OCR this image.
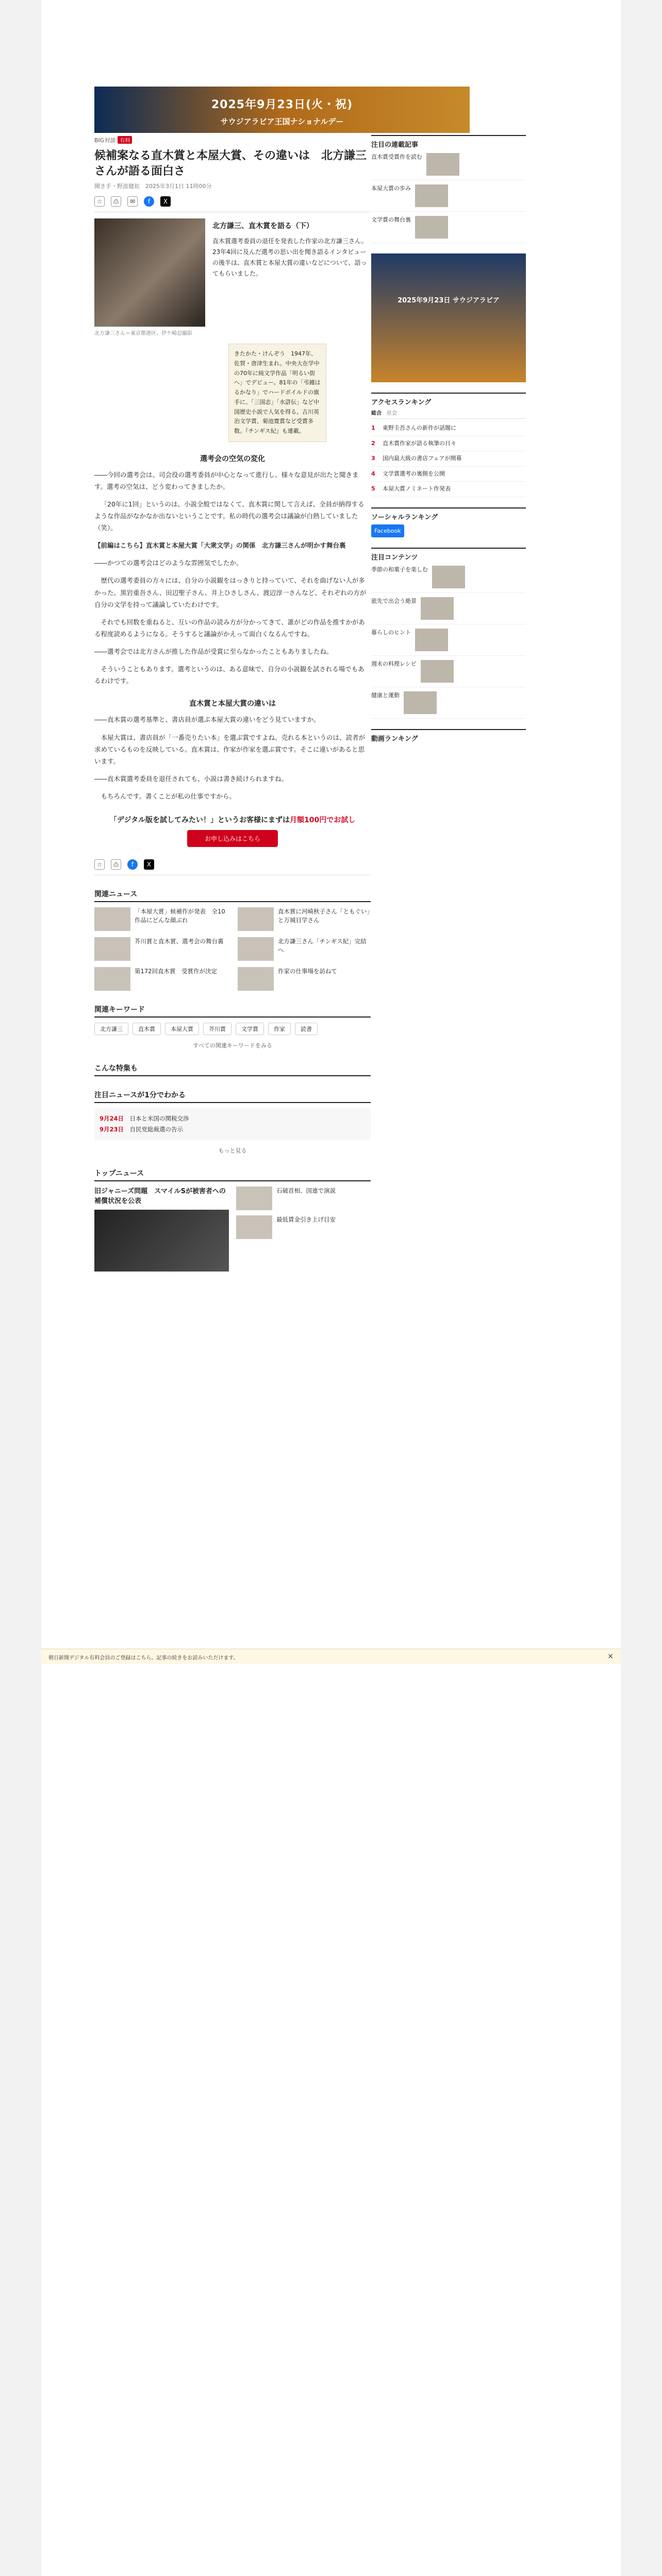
2025年9月23日(火・祝)
サウジアラビア王国ナショナルデー
BIG対談 有料
候補案なる直木賞と本屋大賞、その違いは　北方謙三さんが語る面白さ
聞き手・野波健祐　2025年3月1日 11時00分
☆	⎙	✉	f	X
北方謙三さん＝東京都港区、伊ケ崎忍撮影
北方謙三、直木賞を語る（下）

直木賞選考委員の退任を発表した作家の北方謙三さん。23年4回に及んだ選考の思い出を聞き語るインタビューの後半は、直木賞と本屋大賞の違いなどについて、語ってもらいました。

きたかた・けんぞう　1947年、佐賀・唐津生まれ。中央大在学中の70年に純文学作品「明るい街へ」でデビュー。81年の「弔鐘はるかなり」でハードボイルドの旗手に。「三国志」「水滸伝」など中国歴史小説で人気を得る。吉川英治文学賞、菊池寛賞など受賞多数。『チンギス紀』も連載。
選考会の空気の変化

――今回の選考会は、司会役の選考委員が中心となって進行し、様々な意見が出たと聞きます。選考の空気は、どう変わってきましたか。

「20年に1回」というのは、小説全般ではなくて、直木賞に関して言えば、全員が納得するような作品がなかなか出ないということです。私の時代の選考会は議論が白熱していました（笑）。

【前編はこちら】直木賞と本屋大賞「大衆文学」の関係　北方謙三さんが明かす舞台裏

――かつての選考会はどのような雰囲気でしたか。

歴代の選考委員の方々には、自分の小説観をはっきりと持っていて、それを曲げない人が多かった。黒岩重吾さん、田辺聖子さん、井上ひさしさん、渡辺淳一さんなど、それぞれの方が自分の文学を持って議論していたわけです。

それでも回数を重ねると、互いの作品の読み方が分かってきて、誰がどの作品を推すかがある程度読めるようになる。そうすると議論がかえって面白くなるんですね。

――選考会では北方さんが推した作品が受賞に至らなかったこともありましたね。

そういうこともあります。選考というのは、ある意味で、自分の小説観を試される場でもあるわけです。

直木賞と本屋大賞の違いは

――直木賞の選考基準と、書店員が選ぶ本屋大賞の違いをどう見ていますか。

本屋大賞は、書店員が「一番売りたい本」を選ぶ賞ですよね。売れる本というのは、読者が求めているものを反映している。直木賞は、作家が作家を選ぶ賞です。そこに違いがあると思います。

――直木賞選考委員を退任されても、小説は書き続けられますね。

もちろんです。書くことが私の仕事ですから。

「デジタル版を試してみたい！」というお客様にまずは月額100円でお試し
お申し込みはこちら
☆	⎙	f	X
関連ニュース
「本屋大賞」候補作が発表　全10作品にどんな顔ぶれ
直木賞に河崎秋子さん「ともぐい」と万城目学さん
芥川賞と直木賞、選考会の舞台裏	北方謙三さん「チンギス紀」完結へ
第172回直木賞　受賞作が決定	作家の仕事場を訪ねて
関連キーワード
北方謙三	直木賞	本屋大賞	芥川賞	文学賞	作家	読書
すべての関連キーワードをみる
こんな特集も
注目ニュースが1分でわかる
9月24日　 日本と米国の関税交渉
9月23日　 自民党総裁選の告示
もっと見る
トップニュース
旧ジャニーズ問題　スマイルSが被害者への補償状況を公表
石破首相、国連で演説
最低賃金引き上げ目安
注目の連載記事
直木賞受賞作を読む
本屋大賞の歩み
文学賞の舞台裏
2025年9月23日 サウジアラビア
アクセスランキング
総合 社会
1	東野圭吾さんの新作が話題に
2	直木賞作家が語る執筆の日々
3	国内最大級の書店フェアが開幕
4	文学賞選考の裏側を公開
5	本屋大賞ノミネート作発表
ソーシャルランキング
Facebook
注目コンテンツ
季節の和菓子を楽しむ
旅先で出会う絶景
暮らしのヒント
週末の料理レシピ
健康と運動
動画ランキング
朝日新聞デジタル有料会員のご登録はこちら。記事の続きをお読みいただけます。	×
